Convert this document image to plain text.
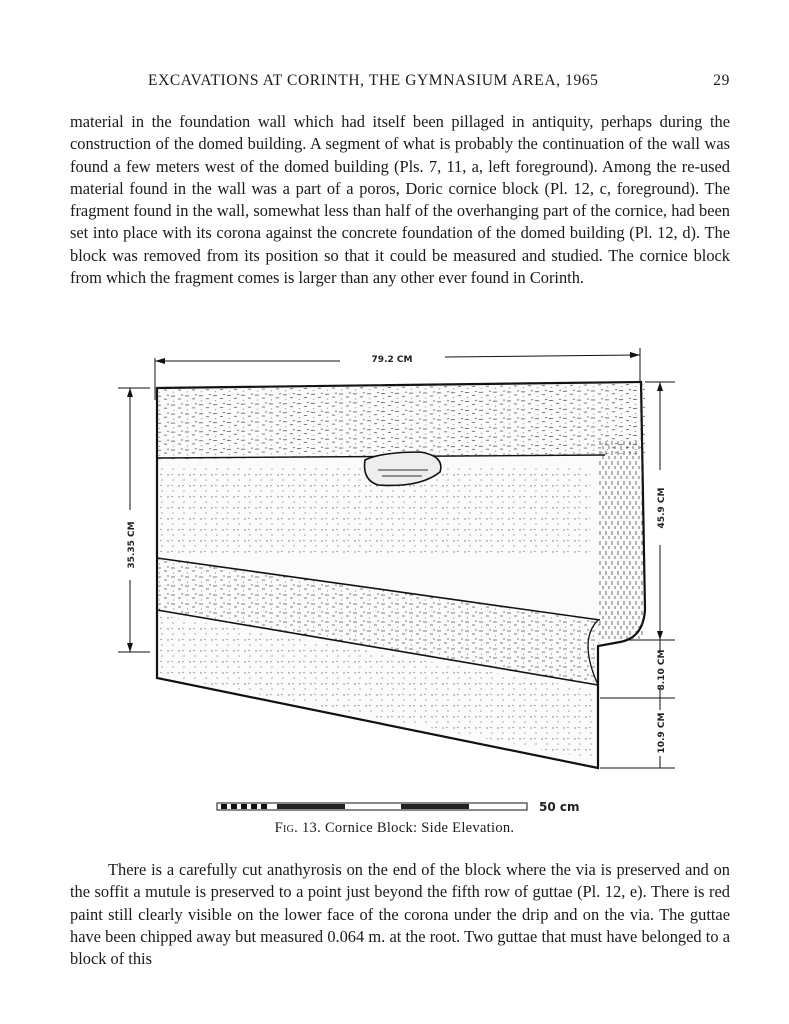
EXCAVATIONS AT CORINTH, THE GYMNASIUM AREA, 1965	29

material in the foundation wall which had itself been pillaged in antiquity, perhaps during the construction of the domed building. A segment of what is probably the continuation of the wall was found a few meters west of the domed building (Pls. 7, 11, a, left foreground). Among the re-used material found in the wall was a part of a poros, Doric cornice block (Pl. 12, c, foreground). The fragment found in the wall, somewhat less than half of the overhanging part of the cornice, had been set into place with its corona against the concrete foundation of the domed building (Pl. 12, d). The block was removed from its position so that it could be measured and studied. The cornice block from which the fragment comes is larger than any other ever found in Corinth.

79.2 CM
35.35 CM
45.9 CM
8.10 CM
10.9 CM
50 cm
Fig. 13. Cornice Block: Side Elevation.

There is a carefully cut anathyrosis on the end of the block where the via is preserved and on the soffit a mutule is preserved to a point just beyond the fifth row of guttae (Pl. 12, e). There is red paint still clearly visible on the lower face of the corona under the drip and on the via. The guttae have been chipped away but measured 0.064 m. at the root. Two guttae that must have belonged to a block of this
